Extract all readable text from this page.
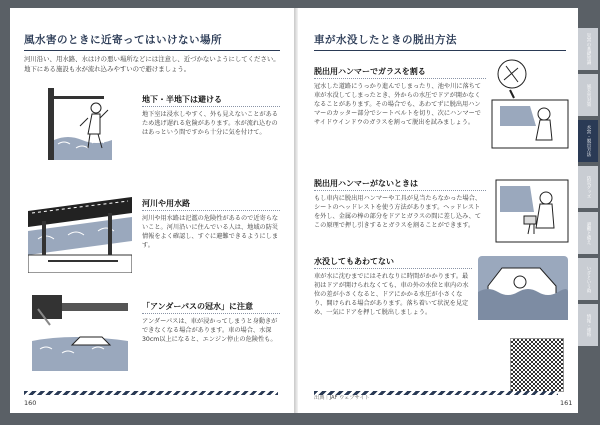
風水害のときに近寄ってはいけない場所
河川沿い、用水路、水はけの悪い場所などには注意し、近づかないようにしてください。地下にある施設も水が流れ込みやすいので避けましょう。
地下・半地下は避ける
地下室は浸水しやすく、外も見えないことがあるため逃げ遅れる危険があります。水が流れ込むのはあっという間ですから十分に気を付けて。
河川や用水路
河川や用水路は氾濫の危険性があるので近寄らないこと。河川沿いに住んでいる人は、地域の防災情報をよく確認し、すぐに避難できるようにします。
「アンダーパスの冠水」に注意
アンダーパスは、車が浸かってしまうと身動きができなくなる場合があります。車の場合、水深30cm以上になると、エンジン停止の危険性も。
160
車が水没したときの脱出方法
脱出用ハンマーでガラスを割る
冠水した道路にうっかり進んでしまったり、池や川に落ちて車が水没してしまったとき、外からの水圧でドアが開かなくなることがあります。その場合でも、あわてずに脱出用ハンマーのカッター部分でシートベルトを切り、次にハンマーでサイドウインドウのガラスを割って脱出を試みましょう。
脱出用ハンマーがないときは
もし車内に脱出用ハンマーや工具が見当たらなかった場合、シートのヘッドレストを使う方法があります。ヘッドレストを外し、金属の棒の部分をドアとガラスの間に差し込み、てこの原理で押し引きするとガラスを割ることができます。
水没してもあわてない
車が水に沈むまでにはそれなりに時間がかかります。最初はドアが開けられなくても、車の外の水位と車内の水位の差が小さくなると、ドアにかかる水圧が小さくなり、開けられる場合があります。落ち着いて状況を見定め、一気にドアを押して脱出しましょう。
出典｜JAF ウェブサイト
161
災害の基礎知識
風水害対策
水害・脱出方法
防災グッズ
避難と備え
いざという時
情報・連絡
